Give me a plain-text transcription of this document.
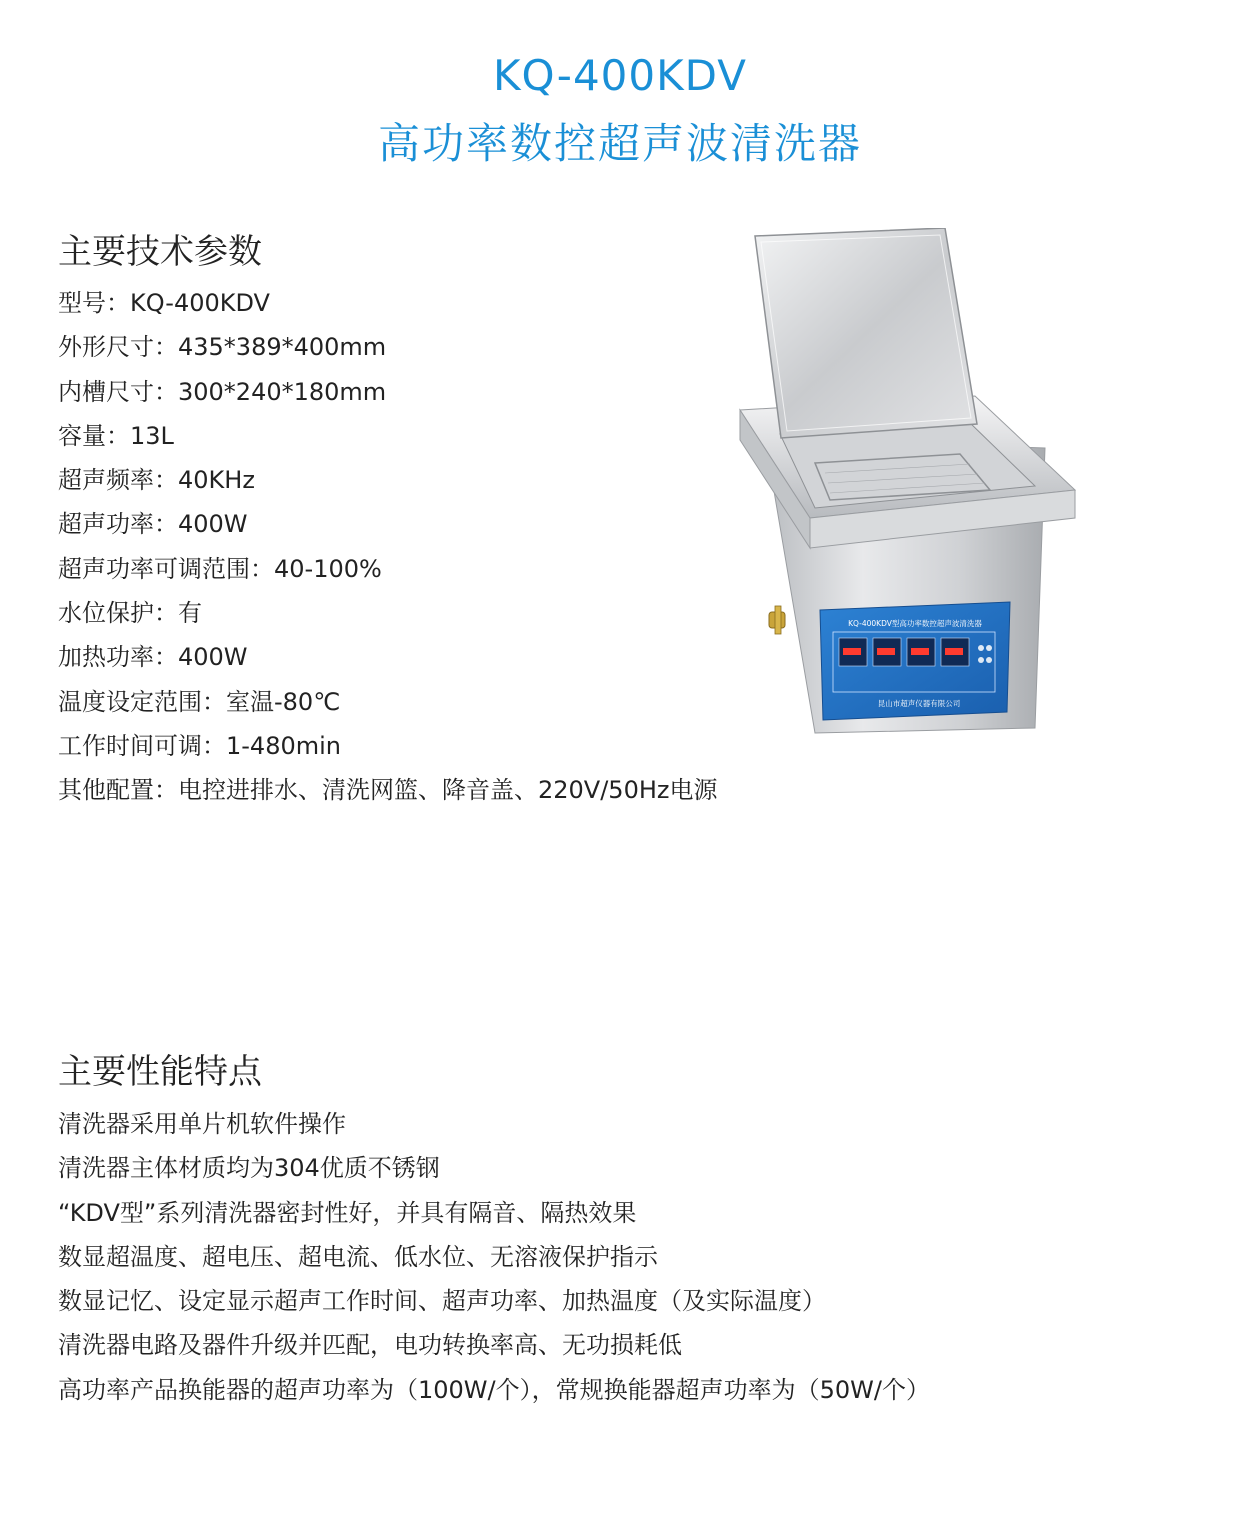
KQ-400KDV
高功率数控超声波清洗器
主要技术参数
型号：KQ-400KDV
外形尺寸：435*389*400mm
内槽尺寸：300*240*180mm
容量：13L
超声频率：40KHz
超声功率：400W
超声功率可调范围：40-100%
水位保护：有
加热功率：400W
温度设定范围：室温-80℃
工作时间可调：1-480min
其他配置：电控进排水、清洗网篮、降音盖、220V/50Hz电源
KQ-400KDV型高功率数控超声波清洗器
昆山市超声仪器有限公司
主要性能特点
清洗器采用单片机软件操作
清洗器主体材质均为304优质不锈钢
“KDV型”系列清洗器密封性好，并具有隔音、隔热效果
数显超温度、超电压、超电流、低水位、无溶液保护指示
数显记忆、设定显示超声工作时间、超声功率、加热温度（及实际温度）
清洗器电路及器件升级并匹配，电功转换率高、无功损耗低
高功率产品换能器的超声功率为（100W/个），常规换能器超声功率为（50W/个）
